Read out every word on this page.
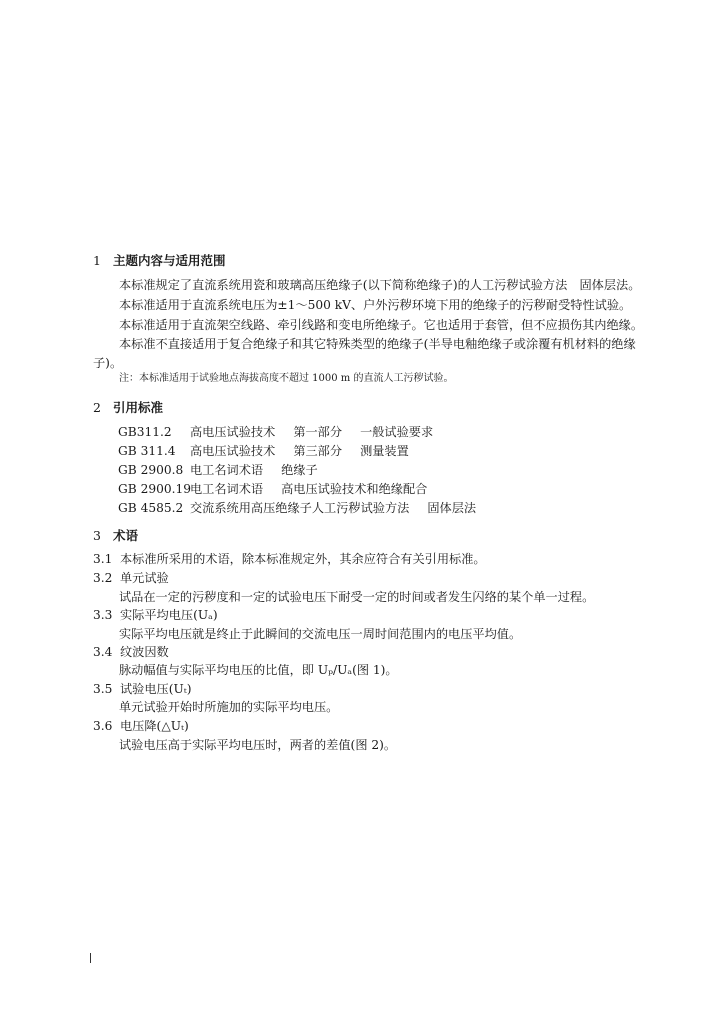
1 主题内容与适用范围
本标准规定了直流系统用瓷和玻璃高压绝缘子(以下简称绝缘子)的人工污秽试验方法　固体层法。
本标准适用于直流系统电压为±1～500 kV、户外污秽环境下用的绝缘子的污秽耐受特性试验。
本标准适用于直流架空线路、牵引线路和变电所绝缘子。它也适用于套管，但不应损伤其内绝缘。
本标准不直接适用于复合绝缘子和其它特殊类型的绝缘子(半导电釉绝缘子或涂覆有机材料的绝缘
子)。
注：本标准适用于试验地点海拔高度不超过 1000 m 的直流人工污秽试验。
2 引用标准
GB311.2 高电压试验技术 第一部分 一般试验要求
GB 311.4 高电压试验技术 第三部分 测量装置
GB 2900.8 电工名词术语 绝缘子
GB 2900.19电工名词术语 高电压试验技术和绝缘配合
GB 4585.2 交流系统用高压绝缘子人工污秽试验方法 固体层法
3 术语
3.1 本标准所采用的术语，除本标准规定外，其余应符合有关引用标准。
3.2 单元试验
试品在一定的污秽度和一定的试验电压下耐受一定的时间或者发生闪络的某个单一过程。
3.3 实际平均电压(Uₐ)
实际平均电压就是终止于此瞬间的交流电压一周时间范围内的电压平均值。
3.4 纹波因数
脉动幅值与实际平均电压的比值，即 Uₚ/Uₐ(图 1)。
3.5 试验电压(Uₜ)
单元试验开始时所施加的实际平均电压。
3.6 电压降(△Uₜ)
试验电压高于实际平均电压时，两者的差值(图 2)。
